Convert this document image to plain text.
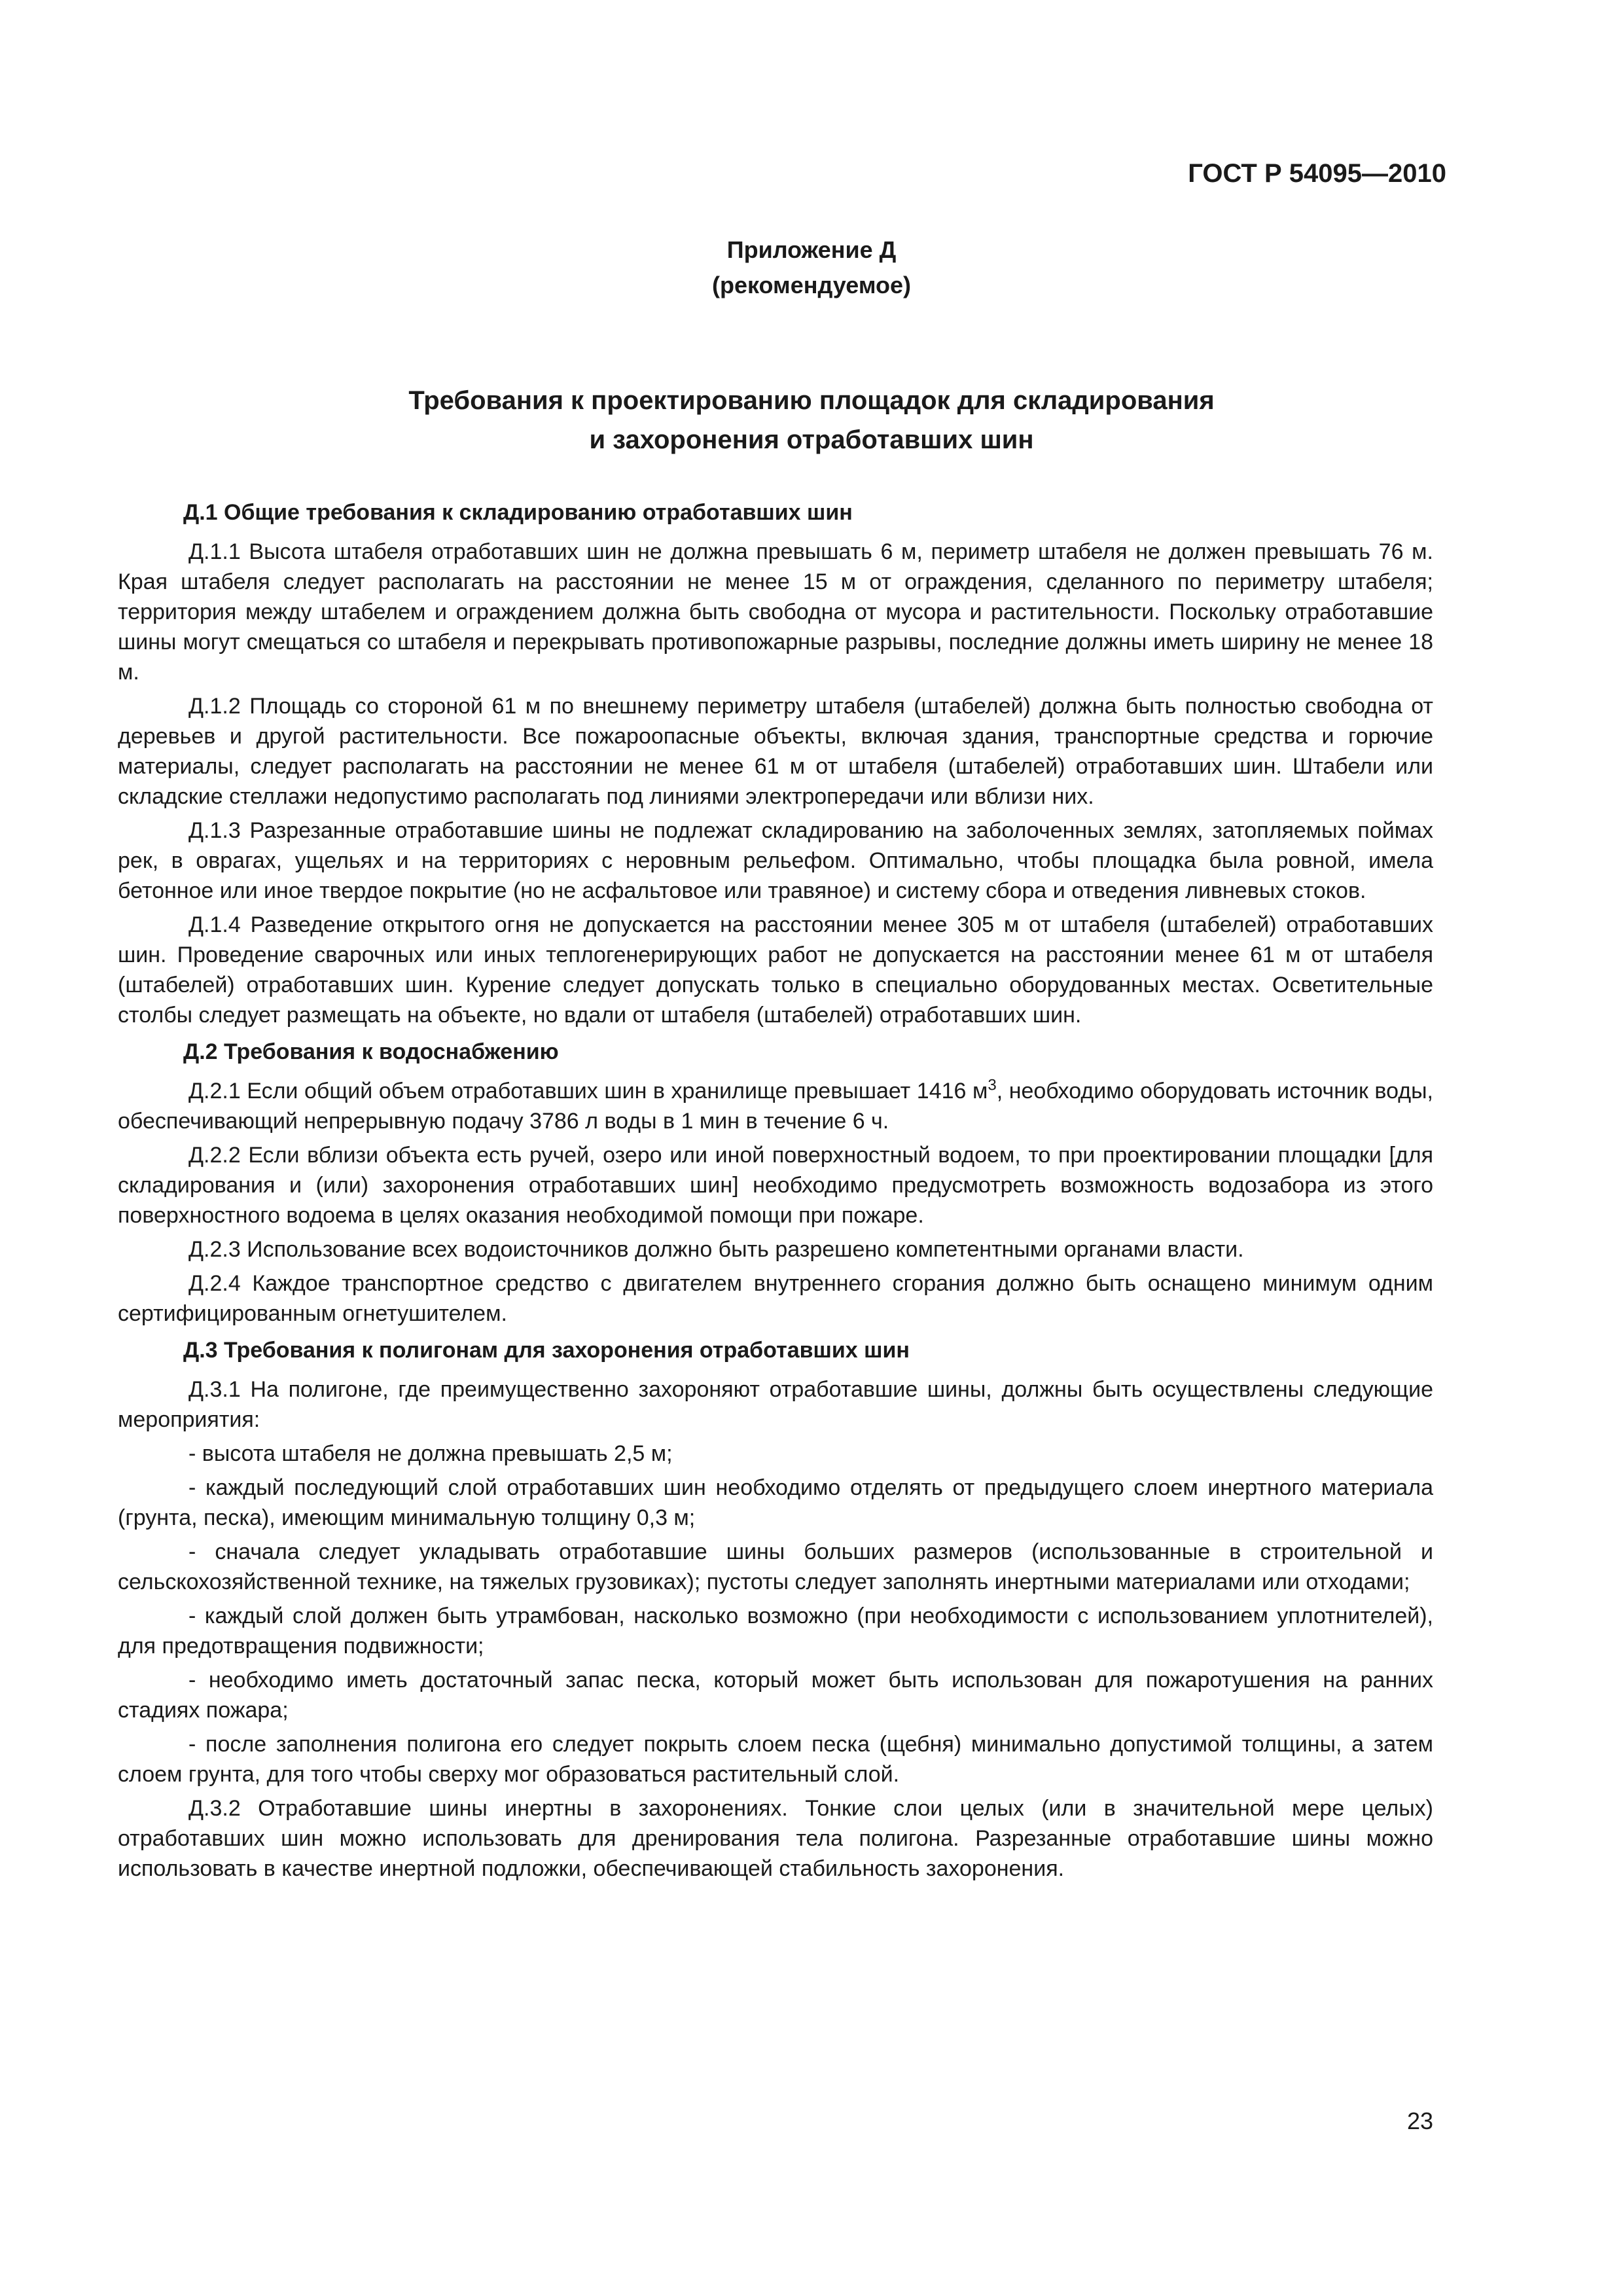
ГОСТ Р 54095—2010

Приложение Д
(рекомендуемое)
Требования к проектированию площадок для складирования
и захоронения отработавших шин
Д.1 Общие требования к складированию отработавших шин

Д.1.1 Высота штабеля отработавших шин не должна превышать 6 м, периметр штабеля не должен превышать 76 м. Края штабеля следует располагать на расстоянии не менее 15 м от ограждения, сделанного по периметру штабеля; территория между штабелем и ограждением должна быть свободна от мусора и растительности. Поскольку отработавшие шины могут смещаться со штабеля и перекрывать противопожарные разрывы, последние должны иметь ширину не менее 18 м.

Д.1.2 Площадь со стороной 61 м по внешнему периметру штабеля (штабелей) должна быть полностью свободна от деревьев и другой растительности. Все пожароопасные объекты, включая здания, транспортные средства и горючие материалы, следует располагать на расстоянии не менее 61 м от штабеля (штабелей) отработавших шин. Штабели или складские стеллажи недопустимо располагать под линиями электропередачи или вблизи них.

Д.1.3 Разрезанные отработавшие шины не подлежат складированию на заболоченных землях, затопляемых поймах рек, в оврагах, ущельях и на территориях с неровным рельефом. Оптимально, чтобы площадка была ровной, имела бетонное или иное твердое покрытие (но не асфальтовое или травяное) и систему сбора и отведения ливневых стоков.

Д.1.4 Разведение открытого огня не допускается на расстоянии менее 305 м от штабеля (штабелей) отработавших шин. Проведение сварочных или иных теплогенерирующих работ не допускается на расстоянии менее 61 м от штабеля (штабелей) отработавших шин. Курение следует допускать только в специально оборудованных местах. Осветительные столбы следует размещать на объекте, но вдали от штабеля (штабелей) отработавших шин.

Д.2 Требования к водоснабжению

Д.2.1 Если общий объем отработавших шин в хранилище превышает 1416 $м^3$, необходимо оборудовать источник воды, обеспечивающий непрерывную подачу 3786 л воды в 1 мин в течение 6 ч.

Д.2.2 Если вблизи объекта есть ручей, озеро или иной поверхностный водоем, то при проектировании площадки [для складирования и (или) захоронения отработавших шин] необходимо предусмотреть возможность водозабора из этого поверхностного водоема в целях оказания необходимой помощи при пожаре.

Д.2.3 Использование всех водоисточников должно быть разрешено компетентными органами власти.

Д.2.4 Каждое транспортное средство с двигателем внутреннего сгорания должно быть оснащено минимум одним сертифицированным огнетушителем.

Д.3 Требования к полигонам для захоронения отработавших шин

Д.3.1 На полигоне, где преимущественно захороняют отработавшие шины, должны быть осуществлены следующие мероприятия:

- высота штабеля не должна превышать 2,5 м;

- каждый последующий слой отработавших шин необходимо отделять от предыдущего слоем инертного материала (грунта, песка), имеющим минимальную толщину 0,3 м;

- сначала следует укладывать отработавшие шины больших размеров (использованные в строительной и сельскохозяйственной технике, на тяжелых грузовиках); пустоты следует заполнять инертными материалами или отходами;

- каждый слой должен быть утрамбован, насколько возможно (при необходимости с использованием уплотнителей), для предотвращения подвижности;

- необходимо иметь достаточный запас песка, который может быть использован для пожаротушения на ранних стадиях пожара;

- после заполнения полигона его следует покрыть слоем песка (щебня) минимально допустимой толщины, а затем слоем грунта, для того чтобы сверху мог образоваться растительный слой.

Д.3.2 Отработавшие шины инертны в захоронениях. Тонкие слои целых (или в значительной мере целых) отработавших шин можно использовать для дренирования тела полигона. Разрезанные отработавшие шины можно использовать в качестве инертной подложки, обеспечивающей стабильность захоронения.

23
